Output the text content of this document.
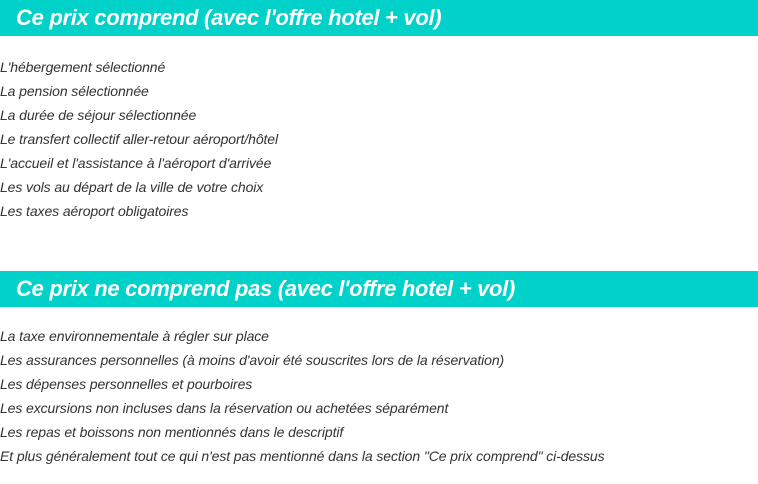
Ce prix comprend (avec l'offre hotel + vol)
L'hébergement sélectionné
La pension sélectionnée
La durée de séjour sélectionnée
Le transfert collectif aller-retour aéroport/hôtel
L'accueil et l'assistance à l'aéroport d'arrivée
Les vols au départ de la ville de votre choix
Les taxes aéroport obligatoires
Ce prix ne comprend pas (avec l'offre hotel + vol)
La taxe environnementale à régler sur place
Les assurances personnelles (à moins d'avoir été souscrites lors de la réservation)
Les dépenses personnelles et pourboires
Les excursions non incluses dans la réservation ou achetées séparément
Les repas et boissons non mentionnés dans le descriptif
Et plus généralement tout ce qui n'est pas mentionné dans la section "Ce prix comprend" ci-dessus
